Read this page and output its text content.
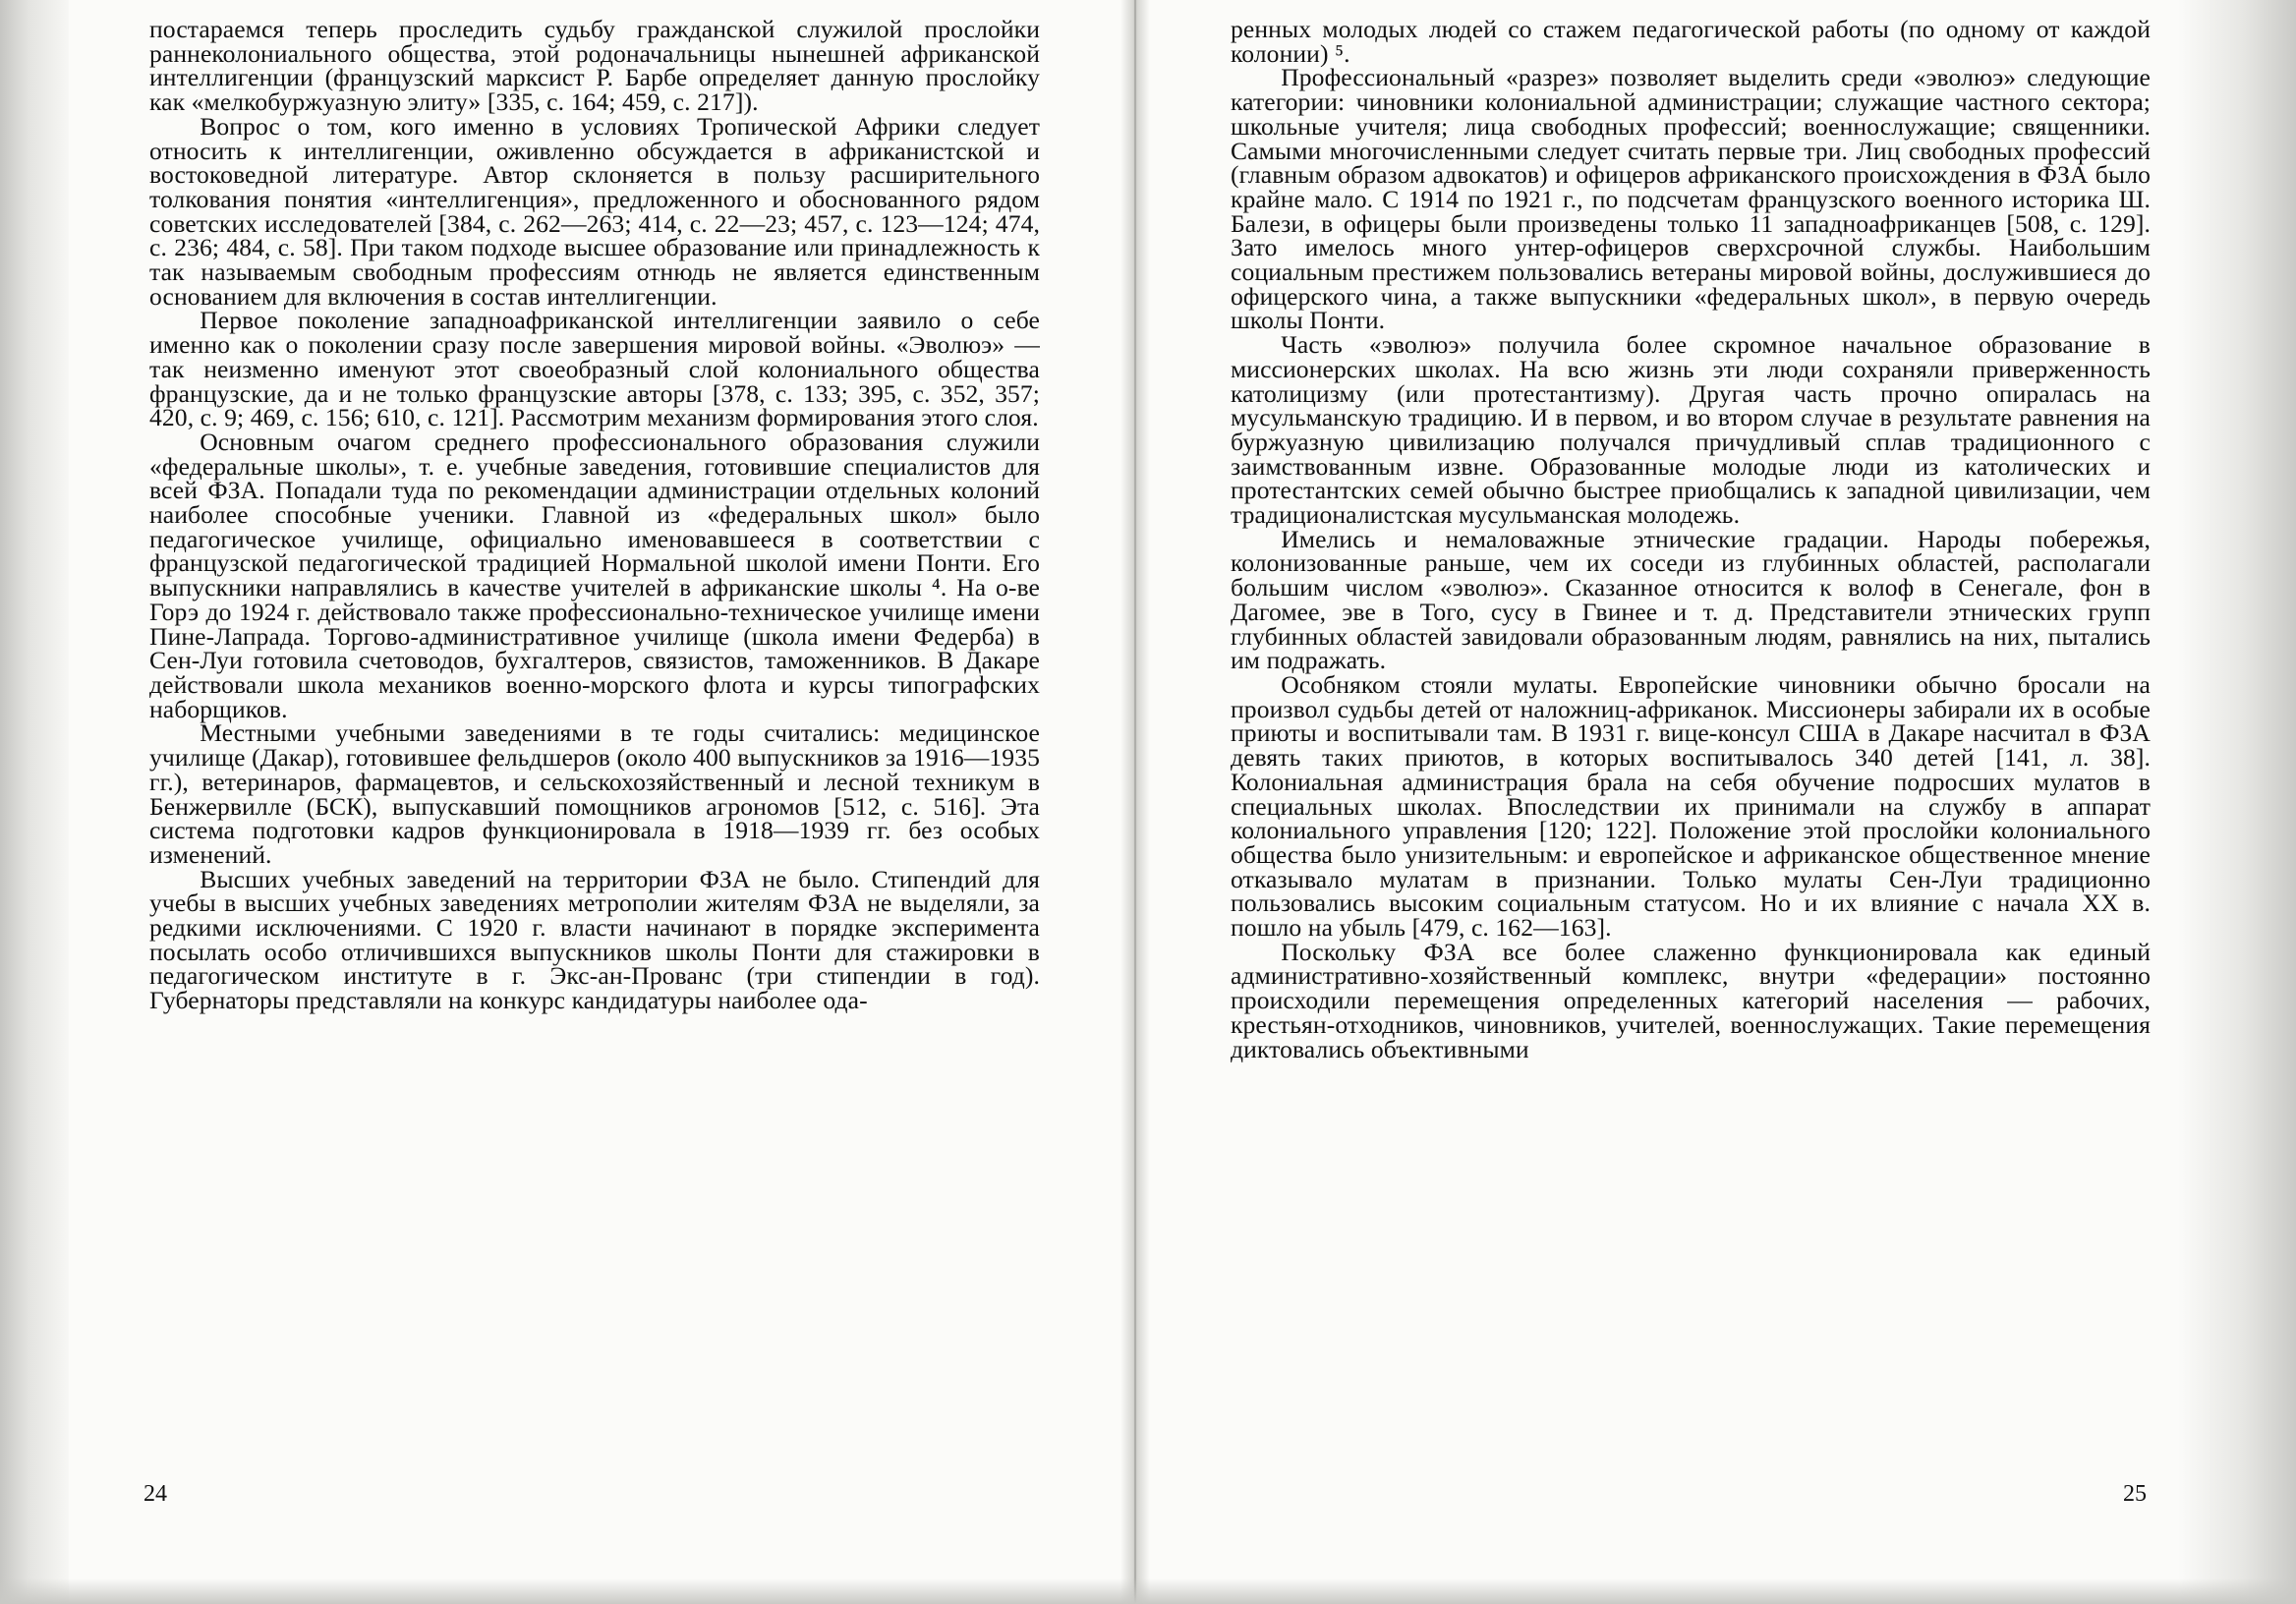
постараемся теперь проследить судьбу гражданской служилой прослойки раннеколониального общества, этой родоначальницы нынешней африканской интеллигенции (французский марксист Р. Барбе определяет данную прослойку как «мелкобуржуазную элиту» [335, с. 164; 459, с. 217]).

Вопрос о том, кого именно в условиях Тропической Африки следует относить к интеллигенции, оживленно обсуждается в африканистской и востоковедной литературе. Автор склоняется в пользу расширительного толкования понятия «интеллигенция», предложенного и обоснованного рядом советских исследователей [384, с. 262—263; 414, с. 22—23; 457, с. 123—124; 474, с. 236; 484, с. 58]. При таком подходе высшее образование или принадлежность к так называемым свободным профессиям отнюдь не является единственным основанием для включения в состав интеллигенции.

Первое поколение западноафриканской интеллигенции заявило о себе именно как о поколении сразу после завершения мировой войны. «Эволюэ» — так неизменно именуют этот своеобразный слой колониального общества французские, да и не только французские авторы [378, с. 133; 395, с. 352, 357; 420, с. 9; 469, с. 156; 610, с. 121]. Рассмотрим механизм формирования этого слоя.

Основным очагом среднего профессионального образования служили «федеральные школы», т. е. учебные заведения, готовившие специалистов для всей ФЗА. Попадали туда по рекомендации администрации отдельных колоний наиболее способные ученики. Главной из «федеральных школ» было педагогическое училище, официально именовавшееся в соответствии с французской педагогической традицией Нормальной школой имени Понти. Его выпускники направлялись в качестве учителей в африканские школы ⁴. На о-ве Горэ до 1924 г. действовало также профессионально-техническое училище имени Пине-Лапрада. Торгово-административное училище (школа имени Федерба) в Сен-Луи готовила счетоводов, бухгалтеров, связистов, таможенников. В Дакаре действовали школа механиков военно-морского флота и курсы типографских наборщиков.

Местными учебными заведениями в те годы считались: медицинское училище (Дакар), готовившее фельдшеров (около 400 выпускников за 1916—1935 гг.), ветеринаров, фармацевтов, и сельскохозяйственный и лесной техникум в Бенжервилле (БСК), выпускавший помощников агрономов [512, с. 516]. Эта система подготовки кадров функционировала в 1918—1939 гг. без особых изменений.

Высших учебных заведений на территории ФЗА не было. Стипендий для учебы в высших учебных заведениях метрополии жителям ФЗА не выделяли, за редкими исключениями. С 1920 г. власти начинают в порядке эксперимента посылать особо отличившихся выпускников школы Понти для стажировки в педагогическом институте в г. Экс-ан-Прованс (три стипендии в год). Губернаторы представляли на конкурс кандидатуры наиболее ода-

24

ренных молодых людей со стажем педагогической работы (по одному от каждой колонии) ⁵.

Профессиональный «разрез» позволяет выделить среди «эволюэ» следующие категории: чиновники колониальной администрации; служащие частного сектора; школьные учителя; лица свободных профессий; военнослужащие; священники. Самыми многочисленными следует считать первые три. Лиц свободных профессий (главным образом адвокатов) и офицеров африканского происхождения в ФЗА было крайне мало. С 1914 по 1921 г., по подсчетам французского военного историка Ш. Балези, в офицеры были произведены только 11 западноафриканцев [508, с. 129]. Зато имелось много унтер-офицеров сверхсрочной службы. Наибольшим социальным престижем пользовались ветераны мировой войны, дослужившиеся до офицерского чина, а также выпускники «федеральных школ», в первую очередь школы Понти.

Часть «эволюэ» получила более скромное начальное образование в миссионерских школах. На всю жизнь эти люди сохраняли приверженность католицизму (или протестантизму). Другая часть прочно опиралась на мусульманскую традицию. И в первом, и во втором случае в результате равнения на буржуазную цивилизацию получался причудливый сплав традиционного с заимствованным извне. Образованные молодые люди из католических и протестантских семей обычно быстрее приобщались к западной цивилизации, чем традиционалистская мусульманская молодежь.

Имелись и немаловажные этнические градации. Народы побережья, колонизованные раньше, чем их соседи из глубинных областей, располагали большим числом «эволюэ». Сказанное относится к волоф в Сенегале, фон в Дагомее, эве в Того, сусу в Гвинее и т. д. Представители этнических групп глубинных областей завидовали образованным людям, равнялись на них, пытались им подражать.

Особняком стояли мулаты. Европейские чиновники обычно бросали на произвол судьбы детей от наложниц-африканок. Миссионеры забирали их в особые приюты и воспитывали там. В 1931 г. вице-консул США в Дакаре насчитал в ФЗА девять таких приютов, в которых воспитывалось 340 детей [141, л. 38]. Колониальная администрация брала на себя обучение подросших мулатов в специальных школах. Впоследствии их принимали на службу в аппарат колониального управления [120; 122]. Положение этой прослойки колониального общества было унизительным: и европейское и африканское общественное мнение отказывало мулатам в признании. Только мулаты Сен-Луи традиционно пользовались высоким социальным статусом. Но и их влияние с начала XX в. пошло на убыль [479, с. 162—163].

Поскольку ФЗА все более слаженно функционировала как единый административно-хозяйственный комплекс, внутри «федерации» постоянно происходили перемещения определенных категорий населения — рабочих, крестьян-отходников, чиновников, учителей, военнослужащих. Такие перемещения диктовались объективными

25
